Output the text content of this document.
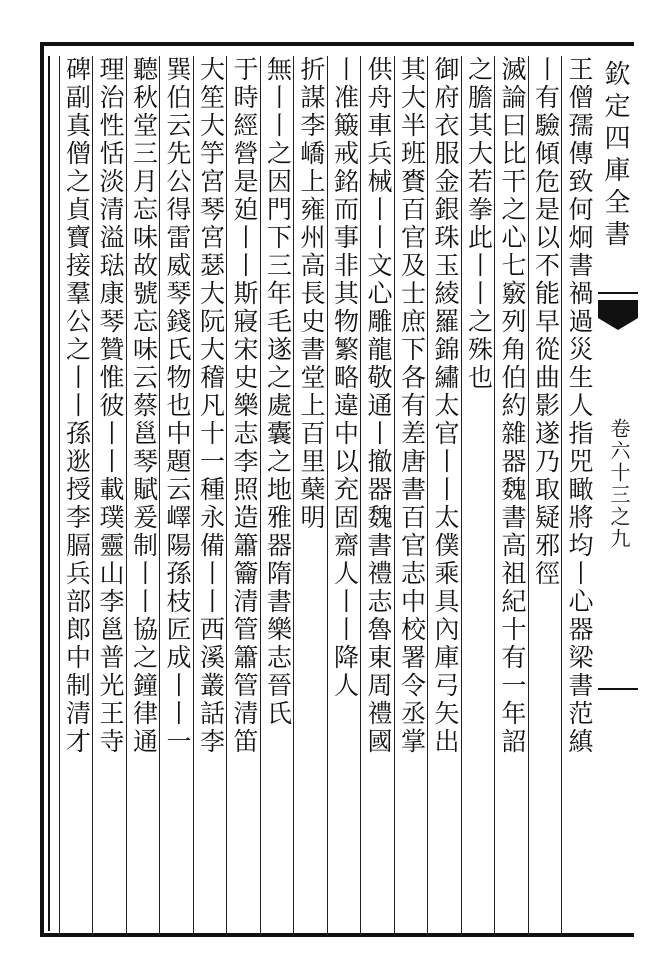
欽定四庫全書
卷六十三之九
王僧孺傳致何炯書禍過災生人指兕瞰將均丨心器梁書范縝
丨有驗傾危是以不能早從曲影遂乃取疑邪徑
滅論曰比干之心七竅列角伯約雜器魏書高祖紀十有一年詔
之膽其大若拳此丨丨之殊也
御府衣服金銀珠玉綾羅錦繡太官丨丨太僕乘具內庫弓矢出
其大半班賚百官及士庶下各有差唐書百官志中校署令丞掌
供舟車兵械丨丨文心雕龍敬通丨撤器魏書禮志魯東周禮國
丨准簸戒銘而事非其物繁略違中以充固齋人丨丨降人
折謀李嶠上雍州高長史書堂上百里蘖明
無丨丨之因門下三年毛遂之處囊之地雅器隋書樂志晉氏
于時經營是廹丨丨斯寢宋史樂志李照造簫籥清管簫管清笛
大笙大竽宮琴宮瑟大阮大稽凡十一種永備丨丨西溪叢話李
巽伯云先公得雷威琴錢氏物也中題云嶧陽孫枝匠成丨丨一
聽秋堂三月忘味故號忘味云蔡邕琴賦爰制丨丨協之鐘律通
理治性恬淡清溢琺康琴贊惟彼丨丨載璞靈山李邕普光王寺
碑副真僧之貞寶接羣公之丨丨孫逖授李膈兵部郎中制清才
